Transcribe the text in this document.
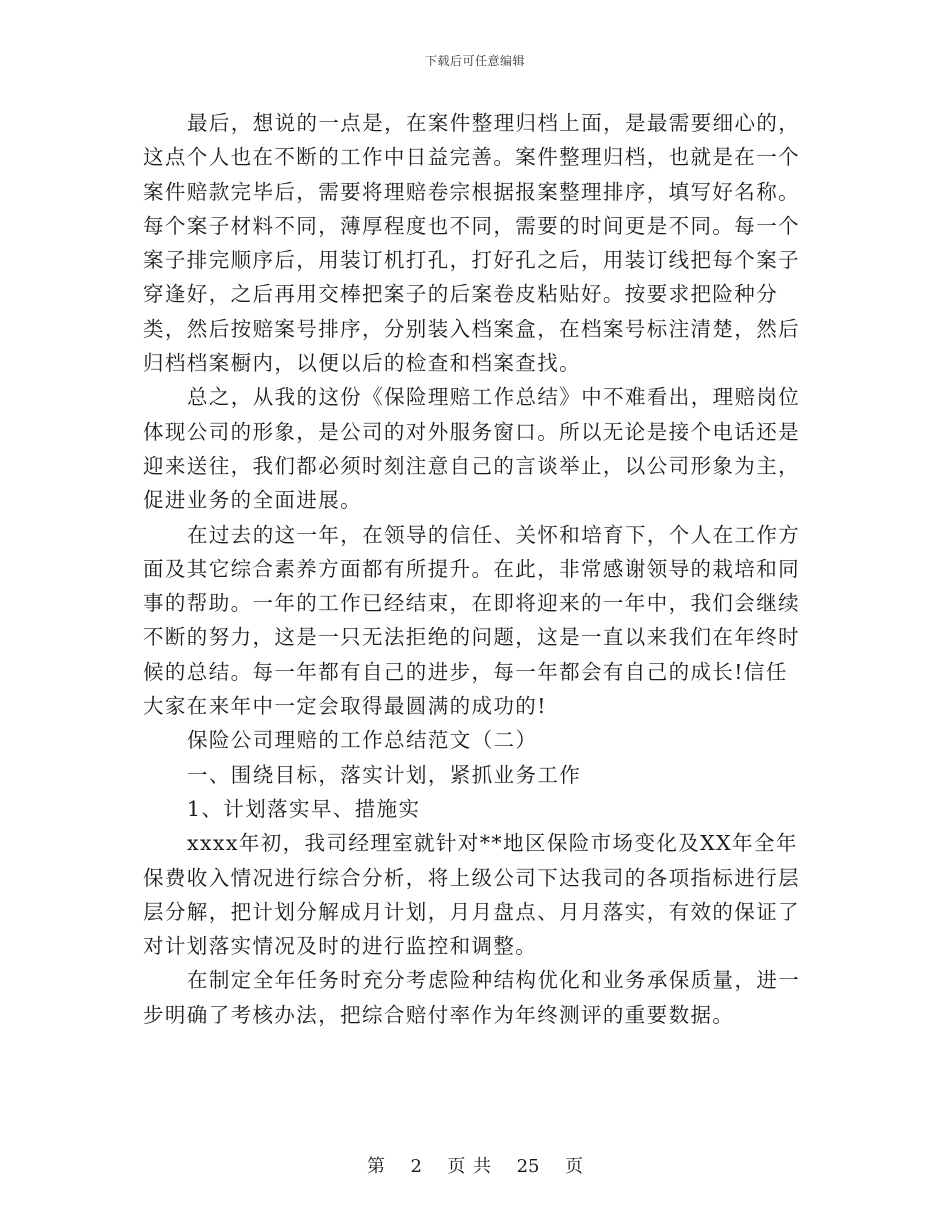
下载后可任意编辑

最后，想说的一点是，在案件整理归档上面，是最需要细心的，这点个人也在不断的工作中日益完善。案件整理归档，也就是在一个案件赔款完毕后，需要将理赔卷宗根据报案整理排序，填写好名称。每个案子材料不同，薄厚程度也不同，需要的时间更是不同。每一个案子排完顺序后，用装订机打孔，打好孔之后，用装订线把每个案子穿逢好，之后再用交棒把案子的后案卷皮粘贴好。按要求把险种分类，然后按赔案号排序，分别装入档案盒，在档案号标注清楚，然后归档档案橱内，以便以后的检查和档案查找。

总之，从我的这份《保险理赔工作总结》中不难看出，理赔岗位体现公司的形象，是公司的对外服务窗口。所以无论是接个电话还是迎来送往，我们都必须时刻注意自己的言谈举止，以公司形象为主，促进业务的全面进展。

在过去的这一年，在领导的信任、关怀和培育下，个人在工作方面及其它综合素养方面都有所提升。在此，非常感谢领导的栽培和同事的帮助。一年的工作已经结束，在即将迎来的一年中，我们会继续不断的努力，这是一只无法拒绝的问题，这是一直以来我们在年终时候的总结。每一年都有自己的进步，每一年都会有自己的成长!信任大家在来年中一定会取得最圆满的成功的!

保险公司理赔的工作总结范文（二）

一、围绕目标，落实计划，紧抓业务工作

1、计划落实早、措施实

xxxx年初，我司经理室就针对**地区保险市场变化及XX年全年保费收入情况进行综合分析，将上级公司下达我司的各项指标进行层层分解，把计划分解成月计划，月月盘点、月月落实，有效的保证了对计划落实情况及时的进行监控和调整。

在制定全年任务时充分考虑险种结构优化和业务承保质量，进一步明确了考核办法，把综合赔付率作为年终测评的重要数据。

第 2 页 共 25 页
